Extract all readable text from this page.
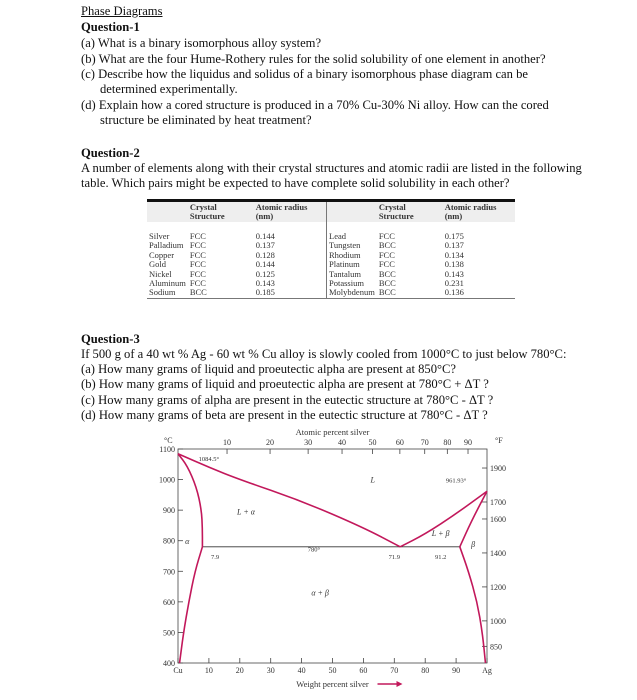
Phase Diagrams
Question-1
(a) What is a binary isomorphous alloy system?
(b) What are the four Hume-Rothery rules for the solid solubility of one element in another?
(c) Describe how the liquidus and solidus of a binary isomorphous phase diagram can be
determined experimentally.
(d) Explain how a cored structure is produced in a 70% Cu-30% Ni alloy. How can the cored
structure be eliminated by heat treatment?
Question-2
A number of elements along with their crystal structures and atomic radii are listed in the following
table. Which pairs might be expected to have complete solid solubility in each other?
	Crystal Structure	Atomic radius (nm)		Crystal Structure	Atomic radius (nm)
Silver	FCC	0.144	Lead	FCC	0.175
Palladium	FCC	0.137	Tungsten	BCC	0.137
Copper	FCC	0.128	Rhodium	FCC	0.134
Gold	FCC	0.144	Platinum	FCC	0.138
Nickel	FCC	0.125	Tantalum	BCC	0.143
Aluminum	FCC	0.143	Potassium	BCC	0.231
Sodium	BCC	0.185	Molybdenum	BCC	0.136
Question-3
If 500 g of a 40 wt % Ag - 60 wt % Cu alloy is slowly cooled from 1000°C to just below 780°C:
(a) How many grams of liquid and proeutectic alpha are present at 850°C?
(b) How many grams of liquid and proeutectic alpha are present at 780°C + ΔT ?
(c) How many grams of alpha are present in the eutectic structure at 780°C - ΔT ?
(d) How many grams of beta are present in the eutectic structure at 780°C - ΔT ?
Cu	10	20	30	40	50	60	70	80	90	Ag
Weight percent silver
10	20	30	40	50 60 70 80 90
Atomic percent silver
400
500
600
700
800
900
1000
1100
°C
850
1000
1200
1400
1600
1700
1900
°F
1084.5°
961.93°
7.9	71.9	91.2
780°
L
L + α
α
L + β
β
α + β
